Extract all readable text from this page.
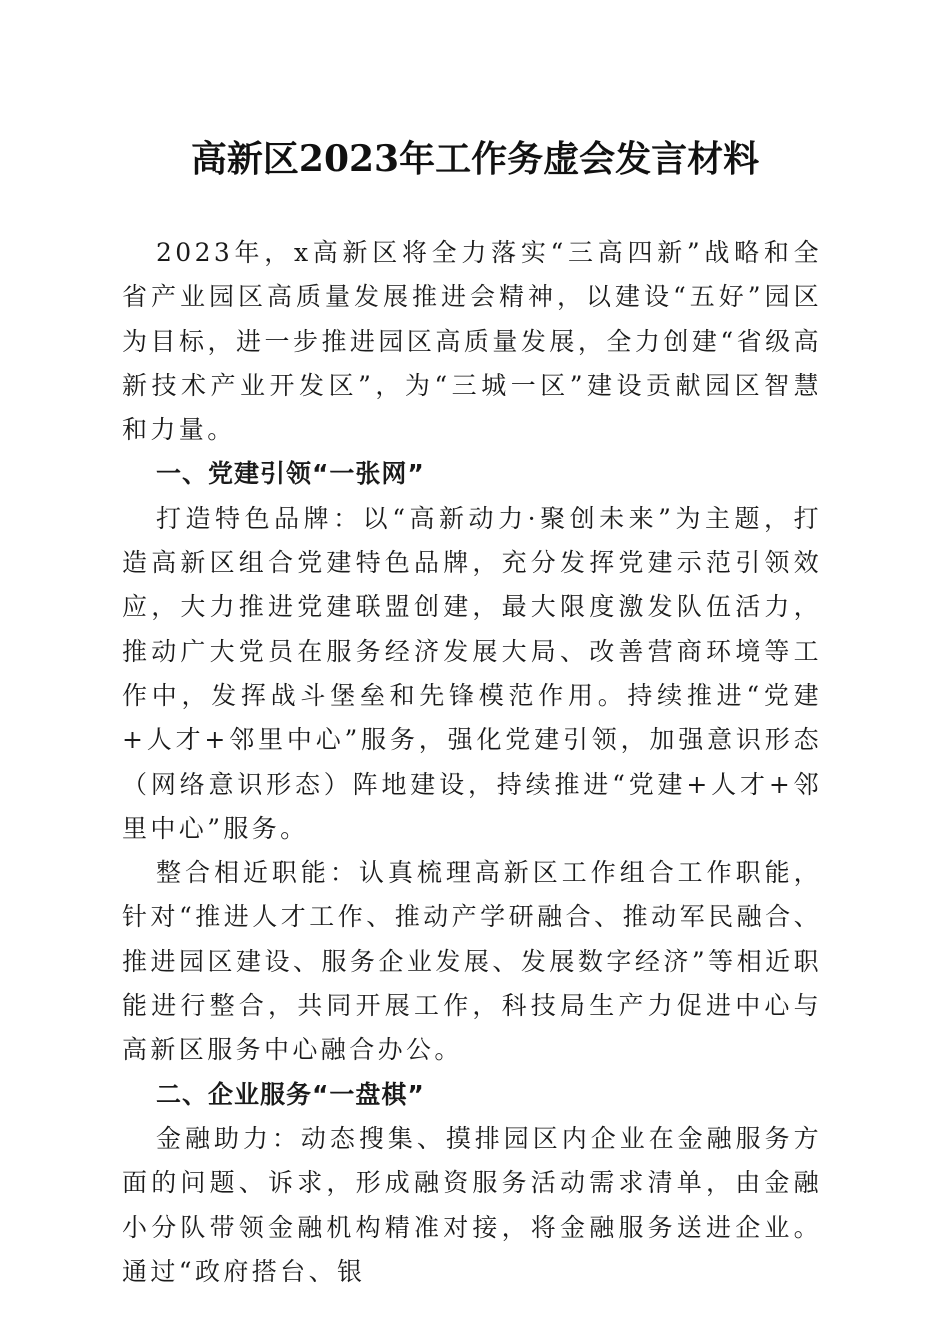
高新区2023年工作务虚会发言材料

2023年，x高新区将全力落实“三高四新”战略和全省产业园区高质量发展推进会精神，以建设“五好”园区为目标，进一步推进园区高质量发展，全力创建“省级高新技术产业开发区”，为“三城一区”建设贡献园区智慧和力量。

一、党建引领“一张网”

打造特色品牌：以“高新动力·聚创未来”为主题，打造高新区组合党建特色品牌，充分发挥党建示范引领效应，大力推进党建联盟创建，最大限度激发队伍活力，推动广大党员在服务经济发展大局、改善营商环境等工作中，发挥战斗堡垒和先锋模范作用。持续推进“党建+人才+邻里中心”服务，强化党建引领，加强意识形态（网络意识形态）阵地建设，持续推进“党建+人才+邻里中心”服务。

整合相近职能：认真梳理高新区工作组合工作职能，针对“推进人才工作、推动产学研融合、推动军民融合、推进园区建设、服务企业发展、发展数字经济”等相近职能进行整合，共同开展工作，科技局生产力促进中心与高新区服务中心融合办公。

二、企业服务“一盘棋”

金融助力：动态搜集、摸排园区内企业在金融服务方面的问题、诉求，形成融资服务活动需求清单，由金融小分队带领金融机构精准对接，将金融服务送进企业。通过“政府搭台、银
